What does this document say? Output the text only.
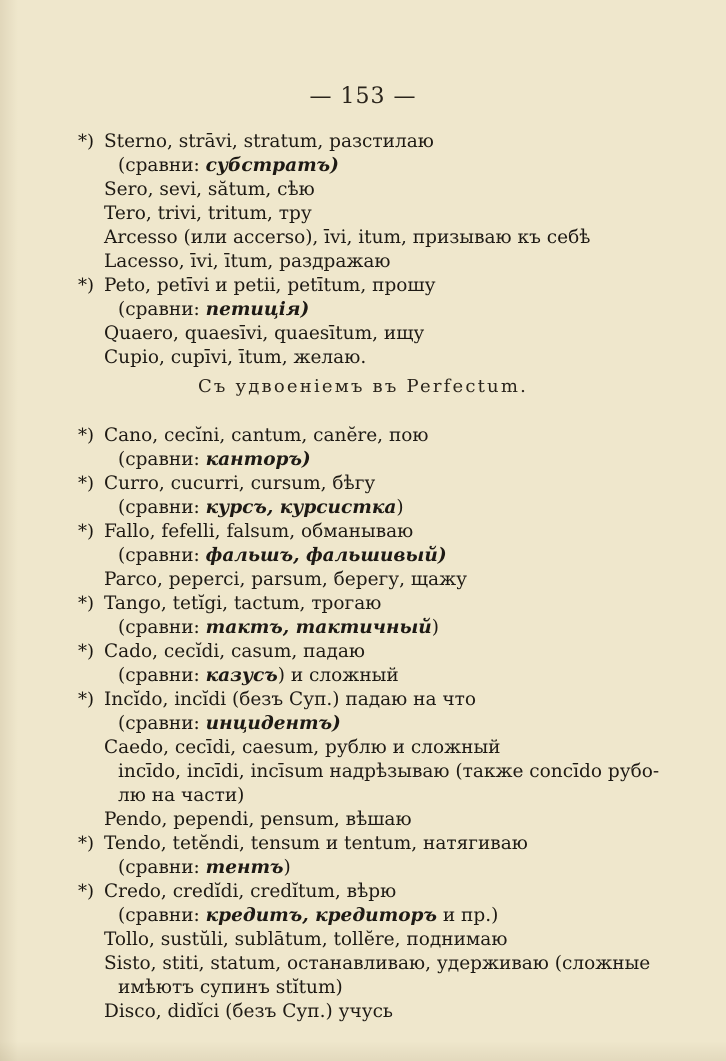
— 153 —
Съ удвоеніемъ въ Perfectum.
*) Sterno, strāvi, stratum, разстилаю
(сравни: субстратъ)
Sero, sevi, sătum, сѣю
Tero, trivi, tritum, тру
Arcesso (или accerso), īvi, itum, призываю къ себѣ
Lacesso, īvi, ītum, раздражаю
*) Peto, petīvi и petii, petītum, прошу
(сравни: петиція)
Quaero, quaesīvi, quaesītum, ищу
Cupio, cupīvi, ītum, желаю.
*) Cano, cecĭni, cantum, canĕre, пою
(сравни: канторъ)
*) Curro, cucurri, cursum, бѣгу
(сравни: курсъ, курсистка)
*) Fallo, fefelli, falsum, обманываю
(сравни: фальшъ, фальшивый)
Parco, peperci, parsum, берегу, щажу
*) Tango, tetĭgi, tactum, трогаю
(сравни: тактъ, тактичный)
*) Cado, cecĭdi, casum, падаю
(сравни: казусъ) и сложный
*) Incĭdo, incĭdi (безъ Суп.) падаю на что
(сравни: инцидентъ)
Caedo, cecīdi, caesum, рублю и сложный
incīdo, incīdi, incīsum надрѣзываю (также concīdo рубо-
лю на части)
Pendo, pependi, pensum, вѣшаю
*) Tendo, tetĕndi, tensum и tentum, натягиваю
(сравни: тентъ)
*) Credo, credĭdi, credĭtum, вѣрю
(сравни: кредитъ, кредиторъ и пр.)
Tollo, sustŭli, sublātum, tollĕre, поднимаю
Sisto, stiti, statum, останавливаю, удерживаю (сложные
имѣютъ супинъ stĭtum)
Disco, didĭci (безъ Суп.) учусь
